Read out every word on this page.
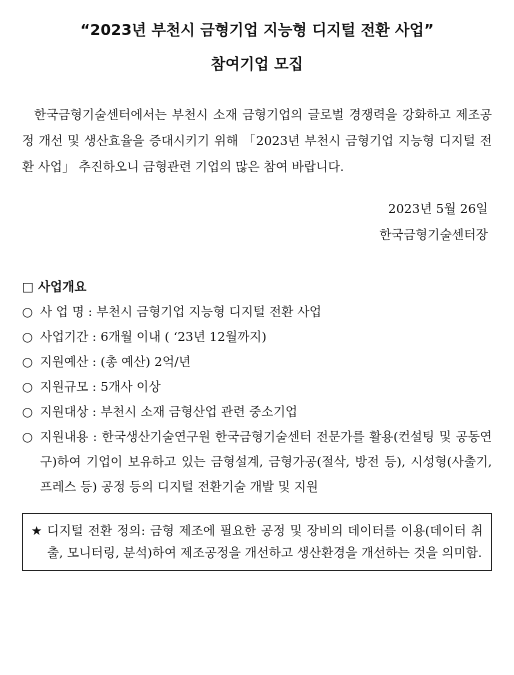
“2023년 부천시 금형기업 지능형 디지털 전환 사업”
참여기업 모집
한국금형기술센터에서는 부천시 소재 금형기업의 글로벌 경쟁력을 강화하고 제조공정 개선 및 생산효율을 증대시키기 위해 「2023년 부천시 금형기업 지능형 디지털 전환 사업」 추진하오니 금형관련 기업의 많은 참여 바랍니다.
2023년 5월 26일
한국금형기술센터장
□ 사업개요
○ 사 업 명 : 부천시 금형기업 지능형 디지털 전환 사업
○ 사업기간 : 6개월 이내 ( ‘23년 12월까지)
○ 지원예산 : (총 예산) 2억/년
○ 지원규모 : 5개사 이상
○ 지원대상 : 부천시 소재 금형산업 관련 중소기업
○ 지원내용 : 한국생산기술연구원 한국금형기술센터 전문가를 활용(컨설팅 및 공동연구)하여 기업이 보유하고 있는 금형설계, 금형가공(절삭, 방전 등), 시성형(사출기, 프레스 등) 공정 등의 디지털 전환기술 개발 및 지원
★ 디지털 전환 정의: 금형 제조에 필요한 공정 및 장비의 데이터를 이용(데이터 취출, 모니터링, 분석)하여 제조공정을 개선하고 생산환경을 개선하는 것을 의미함.
